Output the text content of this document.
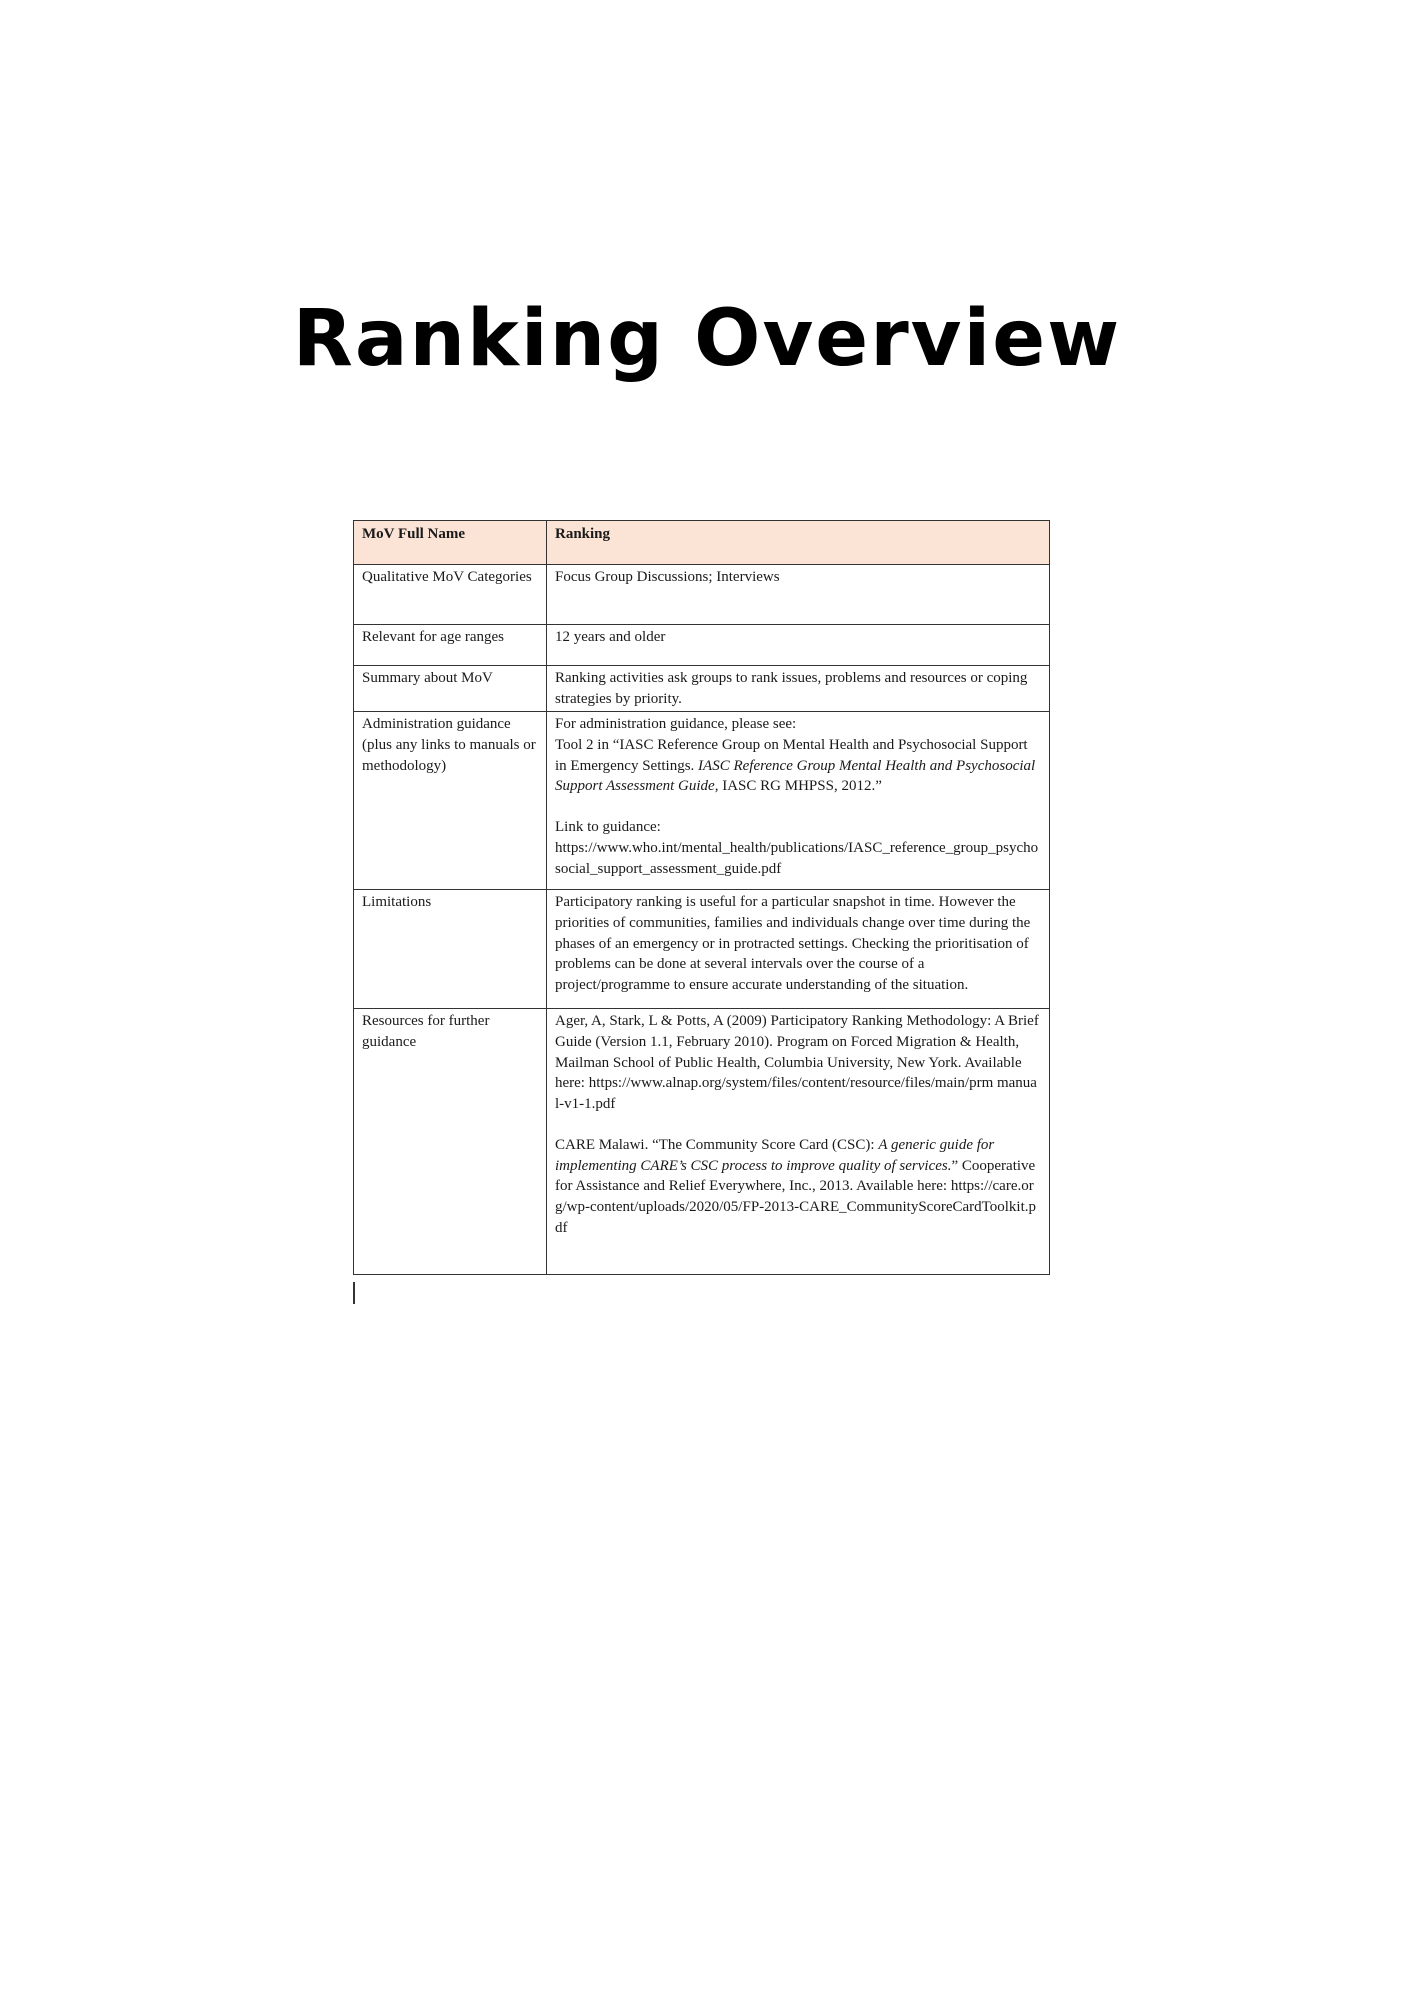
Ranking Overview
MoV Full Name	Ranking
Qualitative MoV Categories	Focus Group Discussions; Interviews
Relevant for age ranges	12 years and older
Summary about MoV	Ranking activities ask groups to rank issues, problems and resources or coping strategies by priority.
Administration guidance (plus any links to manuals or methodology)	For administration guidance, please see:
Tool 2 in “IASC Reference Group on Mental Health and Psychosocial Support in Emergency Settings. IASC Reference Group Mental Health and Psychosocial Support Assessment Guide, IASC RG MHPSS, 2012.”
Link to guidance:
https://www.who.int/mental_health/publications/IASC_reference_group_psychosocial_support_assessment_guide.pdf

Limitations	Participatory ranking is useful for a particular snapshot in time. However the priorities of communities, families and individuals change over time during the phases of an emergency or in protracted settings. Checking the prioritisation of problems can be done at several intervals over the course of a project/programme to ensure accurate understanding of the situation.
Resources for further guidance	Ager, A, Stark, L & Potts, A (2009) Participatory Ranking Methodology: A Brief Guide (Version 1.1, February 2010). Program on Forced Migration & Health, Mailman School of Public Health, Columbia University, New York. Available here: https://www.alnap.org/system/files/content/resource/files/main/prm manual-v1-1.pdf
CARE Malawi. “The Community Score Card (CSC): A generic guide for implementing CARE’s CSC process to improve quality of services.” Cooperative for Assistance and Relief Everywhere, Inc., 2013. Available here: https://care.org/wp-content/uploads/2020/05/FP-2013-CARE_CommunityScoreCardToolkit.pdf
